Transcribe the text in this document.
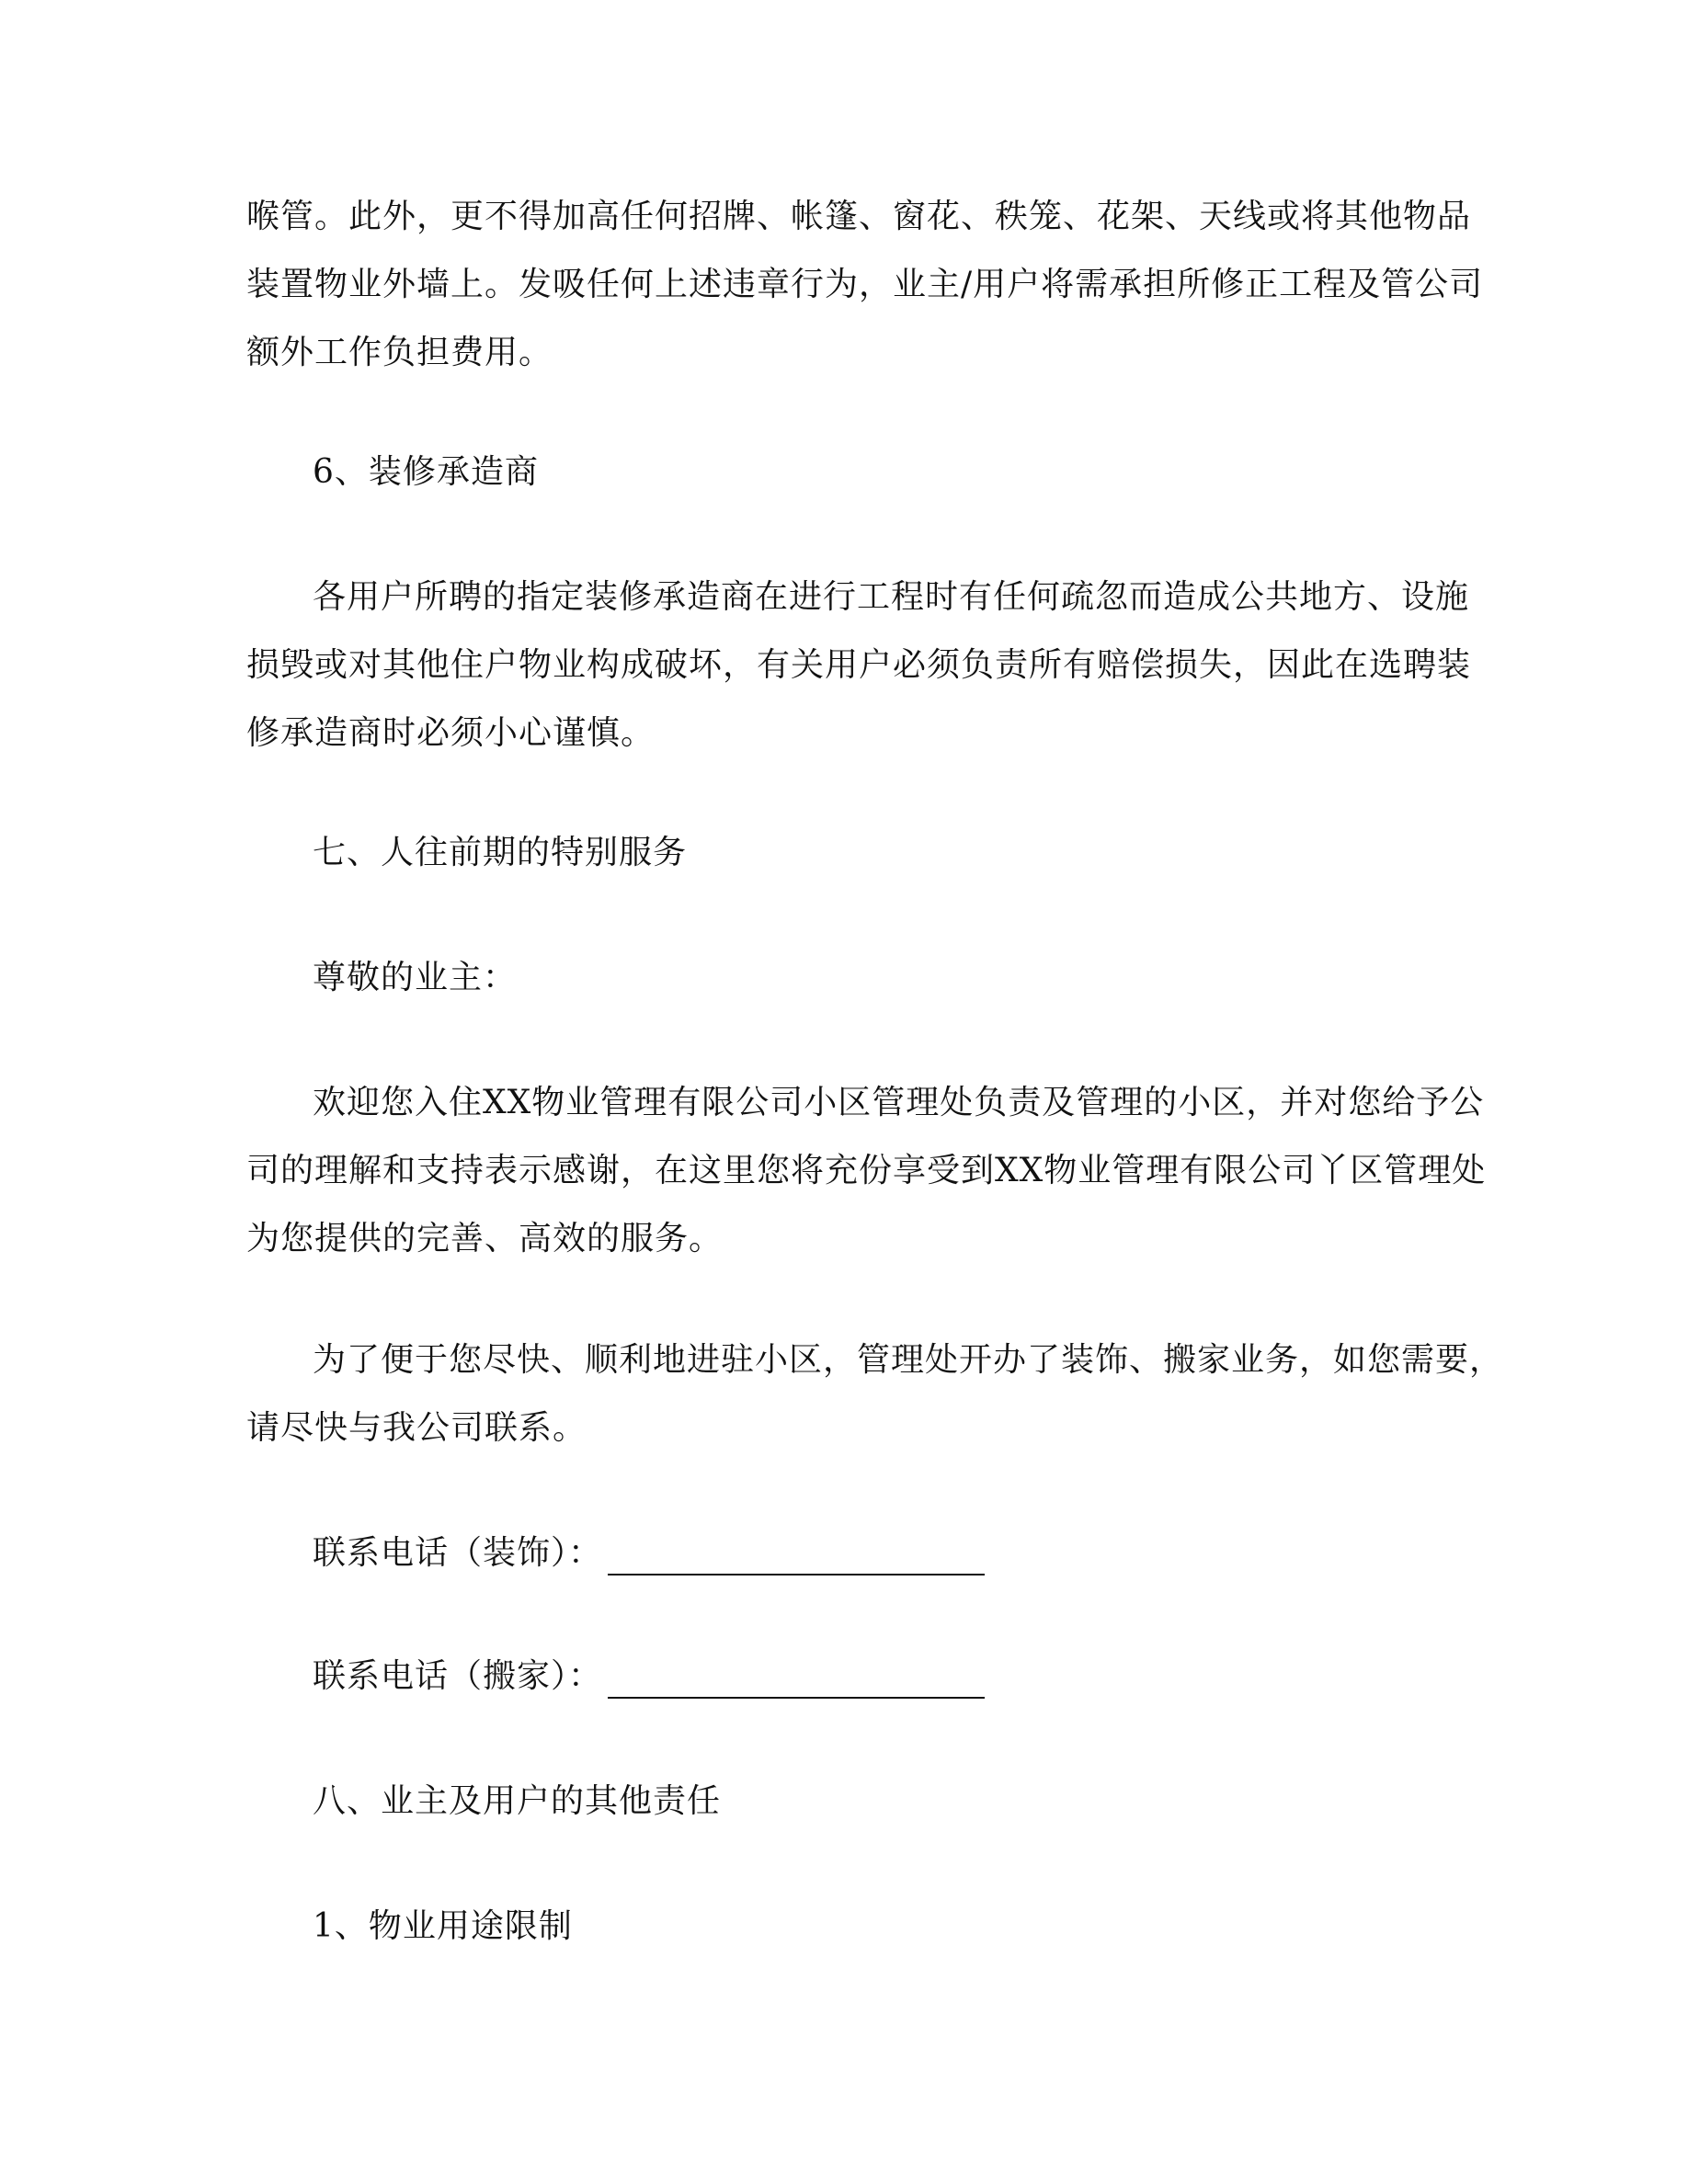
喉管。此外，更不得加高任何招牌、帐篷、窗花、秩笼、花架、天线或将其他物品
装置物业外墙上。发吸任何上述违章行为，业主/用户将需承担所修正工程及管公司
额外工作负担费用。
6、装修承造商
各用户所聘的指定装修承造商在进行工程时有任何疏忽而造成公共地方、设施
损毁或对其他住户物业构成破坏，有关用户必须负责所有赔偿损失，因此在选聘装
修承造商时必须小心谨慎。
七、人往前期的特别服务
尊敬的业主：
欢迎您入住XX物业管理有限公司小区管理处负责及管理的小区，并对您给予公
司的理解和支持表示感谢，在这里您将充份享受到XX物业管理有限公司丫区管理处
为您提供的完善、高效的服务。
为了便于您尽快、顺利地进驻小区，管理处开办了装饰、搬家业务，如您需要，
请尽快与我公司联系。
联系电话（装饰）：
联系电话（搬家）：
八、业主及用户的其他责任
1、物业用途限制
